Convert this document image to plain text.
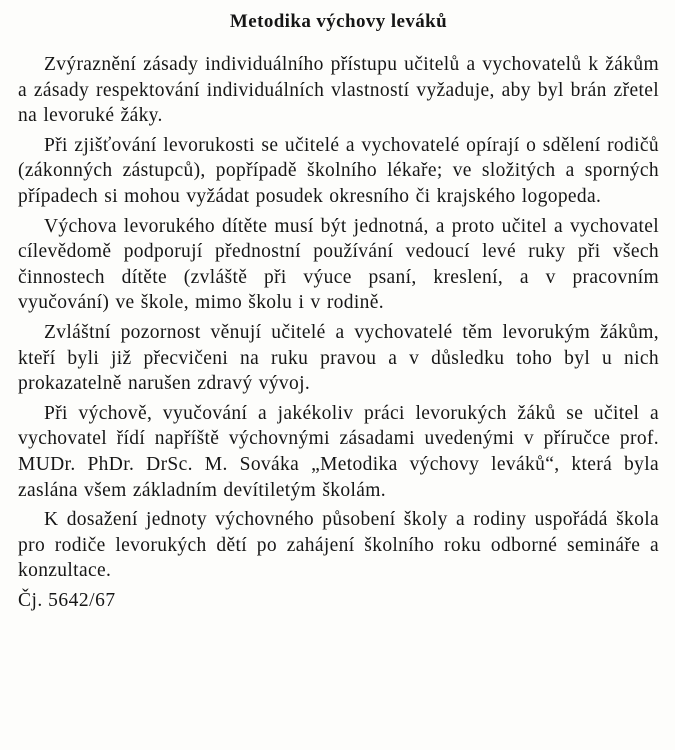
Metodika výchovy leváků

Zvýraznění zásady individuálního přístupu učitelů a vychovatelů k žákům a zásady respektování individuálních vlastností vyžaduje, aby byl brán zřetel na levoruké žáky.

Při zjišťování levorukosti se učitelé a vychovatelé opírají o sdělení rodičů (zákonných zástupců), popřípadě školního lékaře; ve složitých a sporných případech si mohou vyžádat posudek okresního či krajského logopeda.

Výchova levorukého dítěte musí být jednotná, a proto učitel a vychovatel cílevědomě podporují přednostní používání vedoucí levé ruky při všech činnostech dítěte (zvláště při výuce psaní, kreslení, a v pracovním vyučování) ve škole, mimo školu i v rodině.

Zvláštní pozornost věnují učitelé a vychovatelé těm levorukým žákům, kteří byli již přecvičeni na ruku pravou a v důsledku toho byl u nich prokazatelně narušen zdravý vývoj.

Při výchově, vyučování a jakékoliv práci levorukých žáků se učitel a vychovatel řídí napříště výchovnými zásadami uvedenými v příručce prof. MUDr. PhDr. DrSc. M. Sováka „Metodika výchovy leváků“, která byla zaslána všem základním devítiletým školám.

K dosažení jednoty výchovného působení školy a rodiny uspořádá škola pro rodiče levorukých dětí po zahájení školního roku odborné semináře a konzultace.

Čj. 5642/67
